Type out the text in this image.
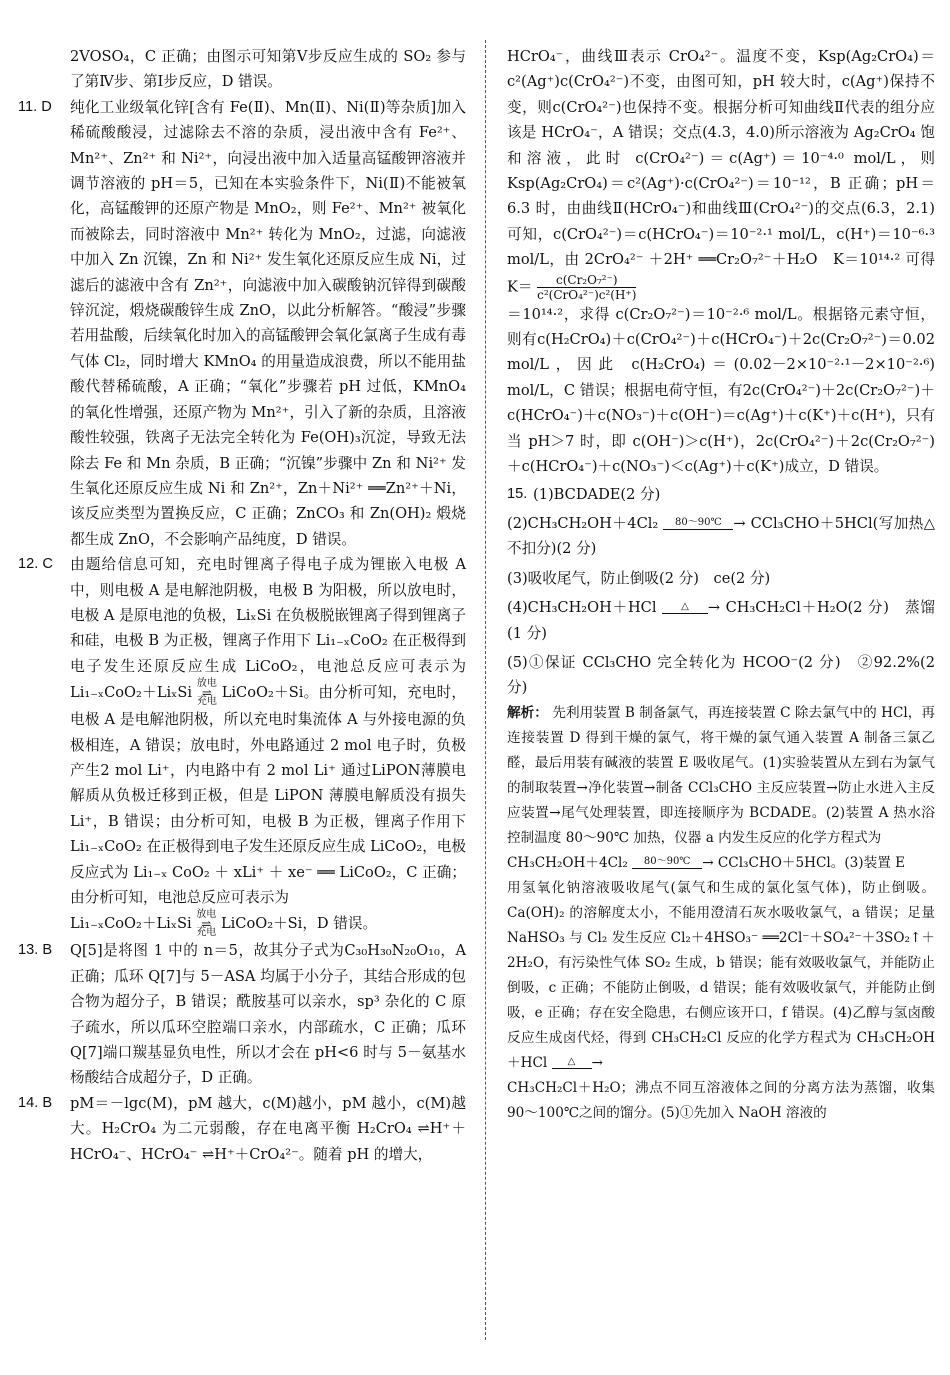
2VOSO₄，C 正确；由图示可知第Ⅴ步反应生成的 SO₂ 参与了第Ⅳ步、第Ⅰ步反应，D 错误。

11. D	纯化工业级氧化锌[含有 Fe(Ⅱ)、Mn(Ⅱ)、Ni(Ⅱ)等杂质]加入稀硫酸酸浸，过滤除去不溶的杂质，浸出液中含有 Fe²⁺、Mn²⁺、Zn²⁺ 和 Ni²⁺，向浸出液中加入适量高锰酸钾溶液并调节溶液的 pH＝5，已知在本实验条件下，Ni(Ⅱ)不能被氧化，高锰酸钾的还原产物是 MnO₂，则 Fe²⁺、Mn²⁺ 被氧化而被除去，同时溶液中 Mn²⁺ 转化为 MnO₂，过滤，向滤液中加入 Zn 沉镍，Zn 和 Ni²⁺ 发生氧化还原反应生成 Ni，过滤后的滤液中含有 Zn²⁺，向滤液中加入碳酸钠沉锌得到碳酸锌沉淀，煅烧碳酸锌生成 ZnO，以此分析解答。“酸浸”步骤若用盐酸，后续氧化时加入的高锰酸钾会氧化氯离子生成有毒气体 Cl₂，同时增大 KMnO₄ 的用量造成浪费，所以不能用盐酸代替稀硫酸，A 正确；“氧化”步骤若 pH 过低，KMnO₄ 的氧化性增强，还原产物为 Mn²⁺，引入了新的杂质，且溶液酸性较强，铁离子无法完全转化为 Fe(OH)₃沉淀，导致无法除去 Fe 和 Mn 杂质，B 正确；“沉镍”步骤中 Zn 和 Ni²⁺ 发生氧化还原反应生成 Ni 和 Zn²⁺，Zn＋Ni²⁺ ══Zn²⁺＋Ni，该反应类型为置换反应，C 正确；ZnCO₃ 和 Zn(OH)₂ 煅烧都生成 ZnO，不会影响产品纯度，D 错误。

12. C	由题给信息可知，充电时锂离子得电子成为锂嵌入电极 A 中，则电极 A 是电解池阴极，电极 B 为阳极，所以放电时，电极 A 是原电池的负极，LiₓSi 在负极脱嵌锂离子得到锂离子和硅，电极 B 为正极，锂离子作用下 Li₁₋ₓCoO₂ 在正极得到电子发生还原反应生成 LiCoO₂，电池总反应可表示为 Li₁₋ₓCoO₂＋LiₓSi
放电
⇌
充电
LiCoO₂＋Si。由分析可知，充电时，电极 A 是电解池阴极，所以充电时集流体 A 与外接电源的负极相连，A 错误；放电时，外电路通过 2 mol 电子时，负极产生2 mol Li⁺，内电路中有 2 mol Li⁺ 通过LiPON薄膜电解质从负极迁移到正极，但是 LiPON 薄膜电解质没有损失 Li⁺，B 错误；由分析可知，电极 B 为正极，锂离子作用下 Li₁₋ₓCoO₂ 在正极得到电子发生还原反应生成 LiCoO₂，电极反应式为 Li₁₋ₓ CoO₂ ＋ xLi⁺ ＋ xe⁻ ══ LiCoO₂，C 正确；由分析可知，电池总反应可表示为

Li₁₋ₓCoO₂＋LiₓSi
放电
⇌
充电
LiCoO₂＋Si，D 错误。

13. B	Q[5]是将图 1 中的 n＝5，故其分子式为C₃₀H₃₀N₂₀O₁₀，A 正确；瓜环 Q[7]与 5－ASA 均属于小分子，其结合形成的包合物为超分子，B 错误；酰胺基可以亲水，sp³ 杂化的 C 原子疏水，所以瓜环空腔端口亲水，内部疏水，C 正确；瓜环 Q[7]端口羰基显负电性，所以才会在 pH<6 时与 5－氨基水杨酸结合成超分子，D 正确。

14. B	pM＝－lgc(M)，pM 越大，c(M)越小，pM 越小，c(M)越大。H₂CrO₄ 为二元弱酸，存在电离平衡 H₂CrO₄ ⇌H⁺＋HCrO₄⁻、HCrO₄⁻ ⇌H⁺＋CrO₄²⁻。随着 pH 的增大，

HCrO₄⁻，曲线Ⅲ表示 CrO₄²⁻。温度不变，Ksp(Ag₂CrO₄)＝c²(Ag⁺)c(CrO₄²⁻)不变，由图可知，pH 较大时，c(Ag⁺)保持不变，则c(CrO₄²⁻)也保持不变。根据分析可知曲线Ⅱ代表的组分应该是 HCrO₄⁻，A 错误；交点(4.3，4.0)所示溶液为 Ag₂CrO₄ 饱和溶液，此时 c(CrO₄²⁻)＝c(Ag⁺)＝10⁻⁴·⁰ mol/L，则 Ksp(Ag₂CrO₄)＝c²(Ag⁺)·c(CrO₄²⁻)＝10⁻¹²，B 正确；pH＝6.3 时，由曲线Ⅱ(HCrO₄⁻)和曲线Ⅲ(CrO₄²⁻)的交点(6.3，2.1)可知，c(CrO₄²⁻)＝c(HCrO₄⁻)＝10⁻²·¹ mol/L，c(H⁺)＝10⁻⁶·³ mol/L，由 2CrO₄²⁻ ＋2H⁺ ══Cr₂O₇²⁻＋H₂O　K＝10¹⁴·² 可得 $K= \frac{\text{c(Cr₂O₇²⁻)}}{\text{c²(CrO₄²⁻)c²(H⁺)}}$

＝10¹⁴·²，求得 c(Cr₂O₇²⁻)＝10⁻²·⁶ mol/L。根据铬元素守恒，则有c(H₂CrO₄)＋c(CrO₄²⁻)＋c(HCrO₄⁻)＋2c(Cr₂O₇²⁻)＝0.02 mol/L，因此 c(H₂CrO₄)＝(0.02－2×10⁻²·¹－2×10⁻²·⁶) mol/L，C 错误；根据电荷守恒，有2c(CrO₄²⁻)＋2c(Cr₂O₇²⁻)＋c(HCrO₄⁻)＋c(NO₃⁻)＋c(OH⁻)＝c(Ag⁺)＋c(K⁺)＋c(H⁺)，只有当 pH＞7 时，即 c(OH⁻)＞c(H⁺)，2c(CrO₄²⁻)＋2c(Cr₂O₇²⁻)＋c(HCrO₄⁻)＋c(NO₃⁻)＜c(Ag⁺)＋c(K⁺)成立，D 错误。

15. (1)BCDADE(2 分)

(2)CH₃CH₂OH＋4Cl₂	80～90℃ → CCl₃CHO＋5HCl(写加热△不扣分)(2 分)

(3)吸收尾气，防止倒吸(2 分)　ce(2 分)

(4)CH₃CH₂OH＋HCl	△	→ CH₃CH₂Cl＋H₂O(2 分)　蒸馏(1 分)

(5)①保证 CCl₃CHO 完全转化为 HCOO⁻(2 分)　②92.2%(2 分)

解析： 先利用装置 B 制备氯气，再连接装置 C 除去氯气中的 HCl，再连接装置 D 得到干燥的氯气，将干燥的氯气通入装置 A 制备三氯乙醛，最后用装有碱液的装置 E 吸收尾气。(1)实验装置从左到右为氯气的制取装置→净化装置→制备 CCl₃CHO 主反应装置→防止水进入主反应装置→尾气处理装置，即连接顺序为 BCDADE。(2)装置 A 热水浴控制温度 80～90℃ 加热，仪器 a 内发生反应的化学方程式为

CH₃CH₂OH＋4Cl₂	80～90℃ → CCl₃CHO＋5HCl。(3)装置 E

用氢氧化钠溶液吸收尾气(氯气和生成的氯化氢气体)，防止倒吸。Ca(OH)₂ 的溶解度太小，不能用澄清石灰水吸收氯气，a 错误；足量 NaHSO₃ 与 Cl₂ 发生反应 Cl₂＋4HSO₃⁻ ══2Cl⁻＋SO₄²⁻＋3SO₂↑＋2H₂O，有污染性气体 SO₂ 生成，b 错误；能有效吸收氯气，并能防止倒吸，c 正确；不能防止倒吸，d 错误；能有效吸收氯气，并能防止倒吸，e 正确；存在安全隐患，右侧应该开口，f 错误。(4)乙醇与氢卤酸反应生成卤代烃，得到 CH₃CH₂Cl 反应的化学方程式为 CH₃CH₂OH＋HCl	△	→

CH₃CH₂Cl＋H₂O；沸点不同互溶液体之间的分离方法为蒸馏，收集 90～100℃之间的馏分。(5)①先加入 NaOH 溶液的
